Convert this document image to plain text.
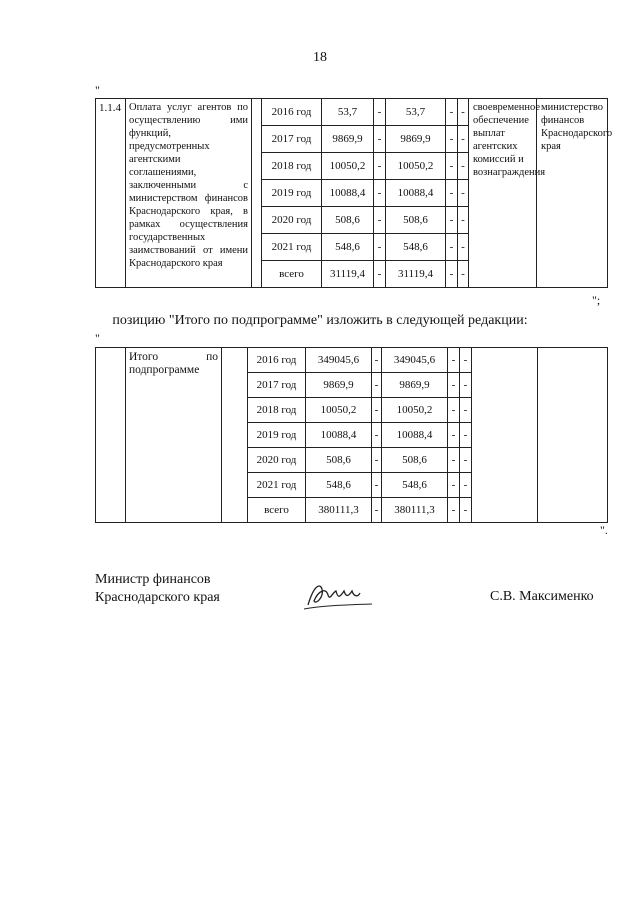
18
"
1.1.4	Оплата услуг агентов по осуществлению ими функций, предусмотренных агентскими соглашениями, заключенными с министерством финансов Краснодарского края, в рамках осуществления государственных заимствований от имени Краснодарского края		2016 год	53,7	-	53,7	-	-	своевременное обеспечение выплат агентских комиссий и вознаграждения	министерство финансов Краснодарского края
			2017 год	9869,9	-	9869,9	-	-		
			2018 год	10050,2	-	10050,2	-	-		
			2019 год	10088,4	-	10088,4	-	-		
			2020 год	508,6	-	508,6	-	-		
			2021 год	548,6	-	548,6	-	-		
			всего	31119,4	-	31119,4	-	-		
";
позицию "Итого по подпрограмме" изложить в следующей редакции:
"

	Итого по
подпрограмме		2016 год	349045,6	-	349045,6	-	-		
			2017 год	9869,9	-	9869,9	-	-		
			2018 год	10050,2	-	10050,2	-	-		
			2019 год	10088,4	-	10088,4	-	-		
			2020 год	508,6	-	508,6	-	-		
			2021 год	548,6	-	548,6	-	-		
			всего	380111,3	-	380111,3	-	-		
".
Министр финансов
Краснодарского края	С.В. Максименко
